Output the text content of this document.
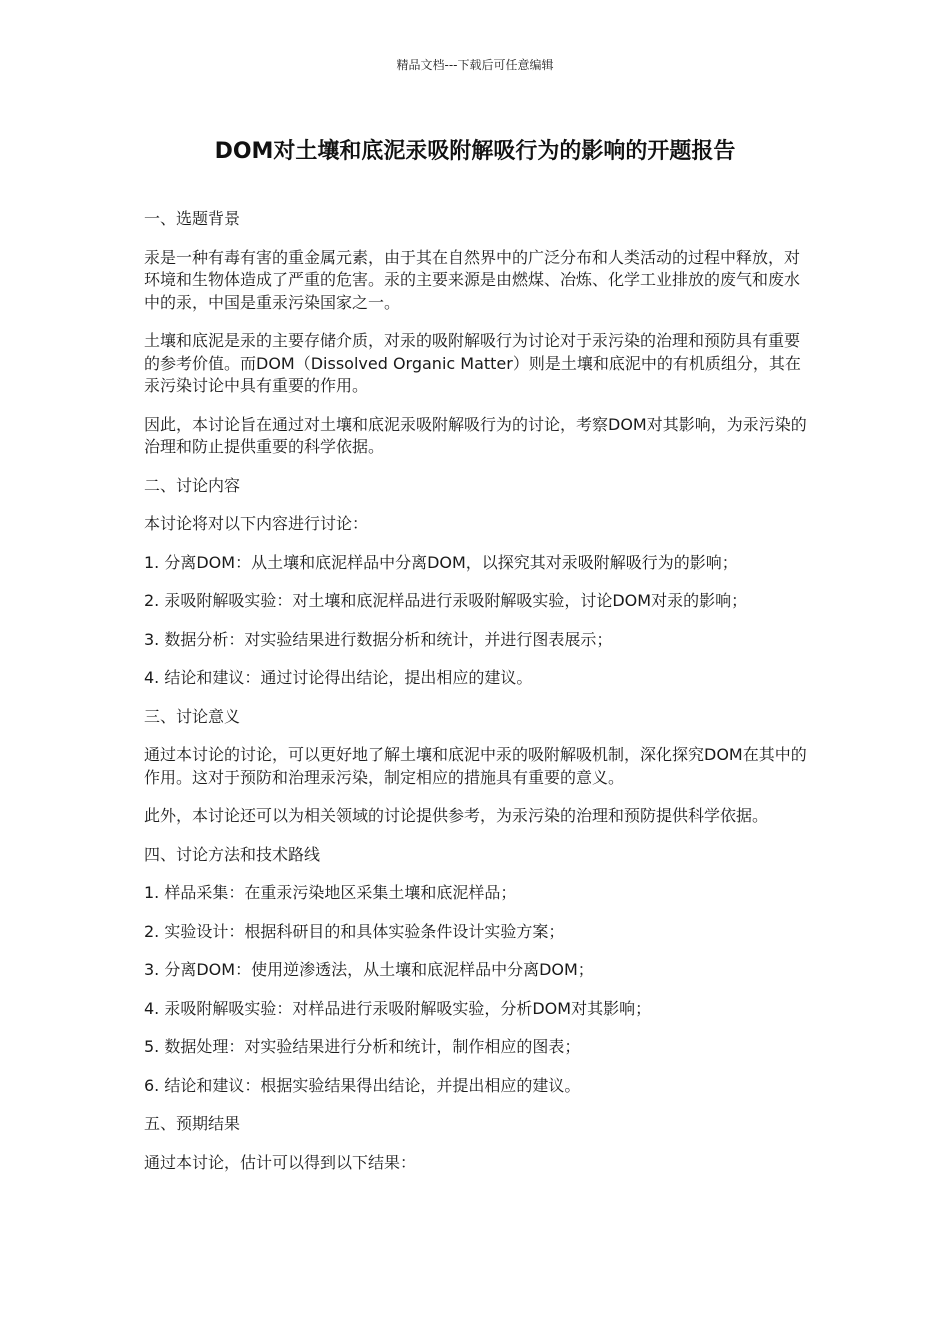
精品文档---下载后可任意编辑
DOM对土壤和底泥汞吸附解吸行为的影响的开题报告

一、选题背景

汞是一种有毒有害的重金属元素，由于其在自然界中的广泛分布和人类活动的过程中释放，对环境和生物体造成了严重的危害。汞的主要来源是由燃煤、冶炼、化学工业排放的废气和废水中的汞，中国是重汞污染国家之一。

土壤和底泥是汞的主要存储介质，对汞的吸附解吸行为讨论对于汞污染的治理和预防具有重要的参考价值。而DOM（Dissolved Organic Matter）则是土壤和底泥中的有机质组分，其在汞污染讨论中具有重要的作用。

因此，本讨论旨在通过对土壤和底泥汞吸附解吸行为的讨论，考察DOM对其影响，为汞污染的治理和防止提供重要的科学依据。

二、讨论内容

本讨论将对以下内容进行讨论：

1. 分离DOM：从土壤和底泥样品中分离DOM，以探究其对汞吸附解吸行为的影响；

2. 汞吸附解吸实验：对土壤和底泥样品进行汞吸附解吸实验，讨论DOM对汞的影响；

3. 数据分析：对实验结果进行数据分析和统计，并进行图表展示；

4. 结论和建议：通过讨论得出结论，提出相应的建议。

三、讨论意义

通过本讨论的讨论，可以更好地了解土壤和底泥中汞的吸附解吸机制，深化探究DOM在其中的作用。这对于预防和治理汞污染，制定相应的措施具有重要的意义。

此外，本讨论还可以为相关领域的讨论提供参考，为汞污染的治理和预防提供科学依据。

四、讨论方法和技术路线

1. 样品采集：在重汞污染地区采集土壤和底泥样品；

2. 实验设计：根据科研目的和具体实验条件设计实验方案；

3. 分离DOM：使用逆渗透法，从土壤和底泥样品中分离DOM；

4. 汞吸附解吸实验：对样品进行汞吸附解吸实验，分析DOM对其影响；

5. 数据处理：对实验结果进行分析和统计，制作相应的图表；

6. 结论和建议：根据实验结果得出结论，并提出相应的建议。

五、预期结果

通过本讨论，估计可以得到以下结果：
